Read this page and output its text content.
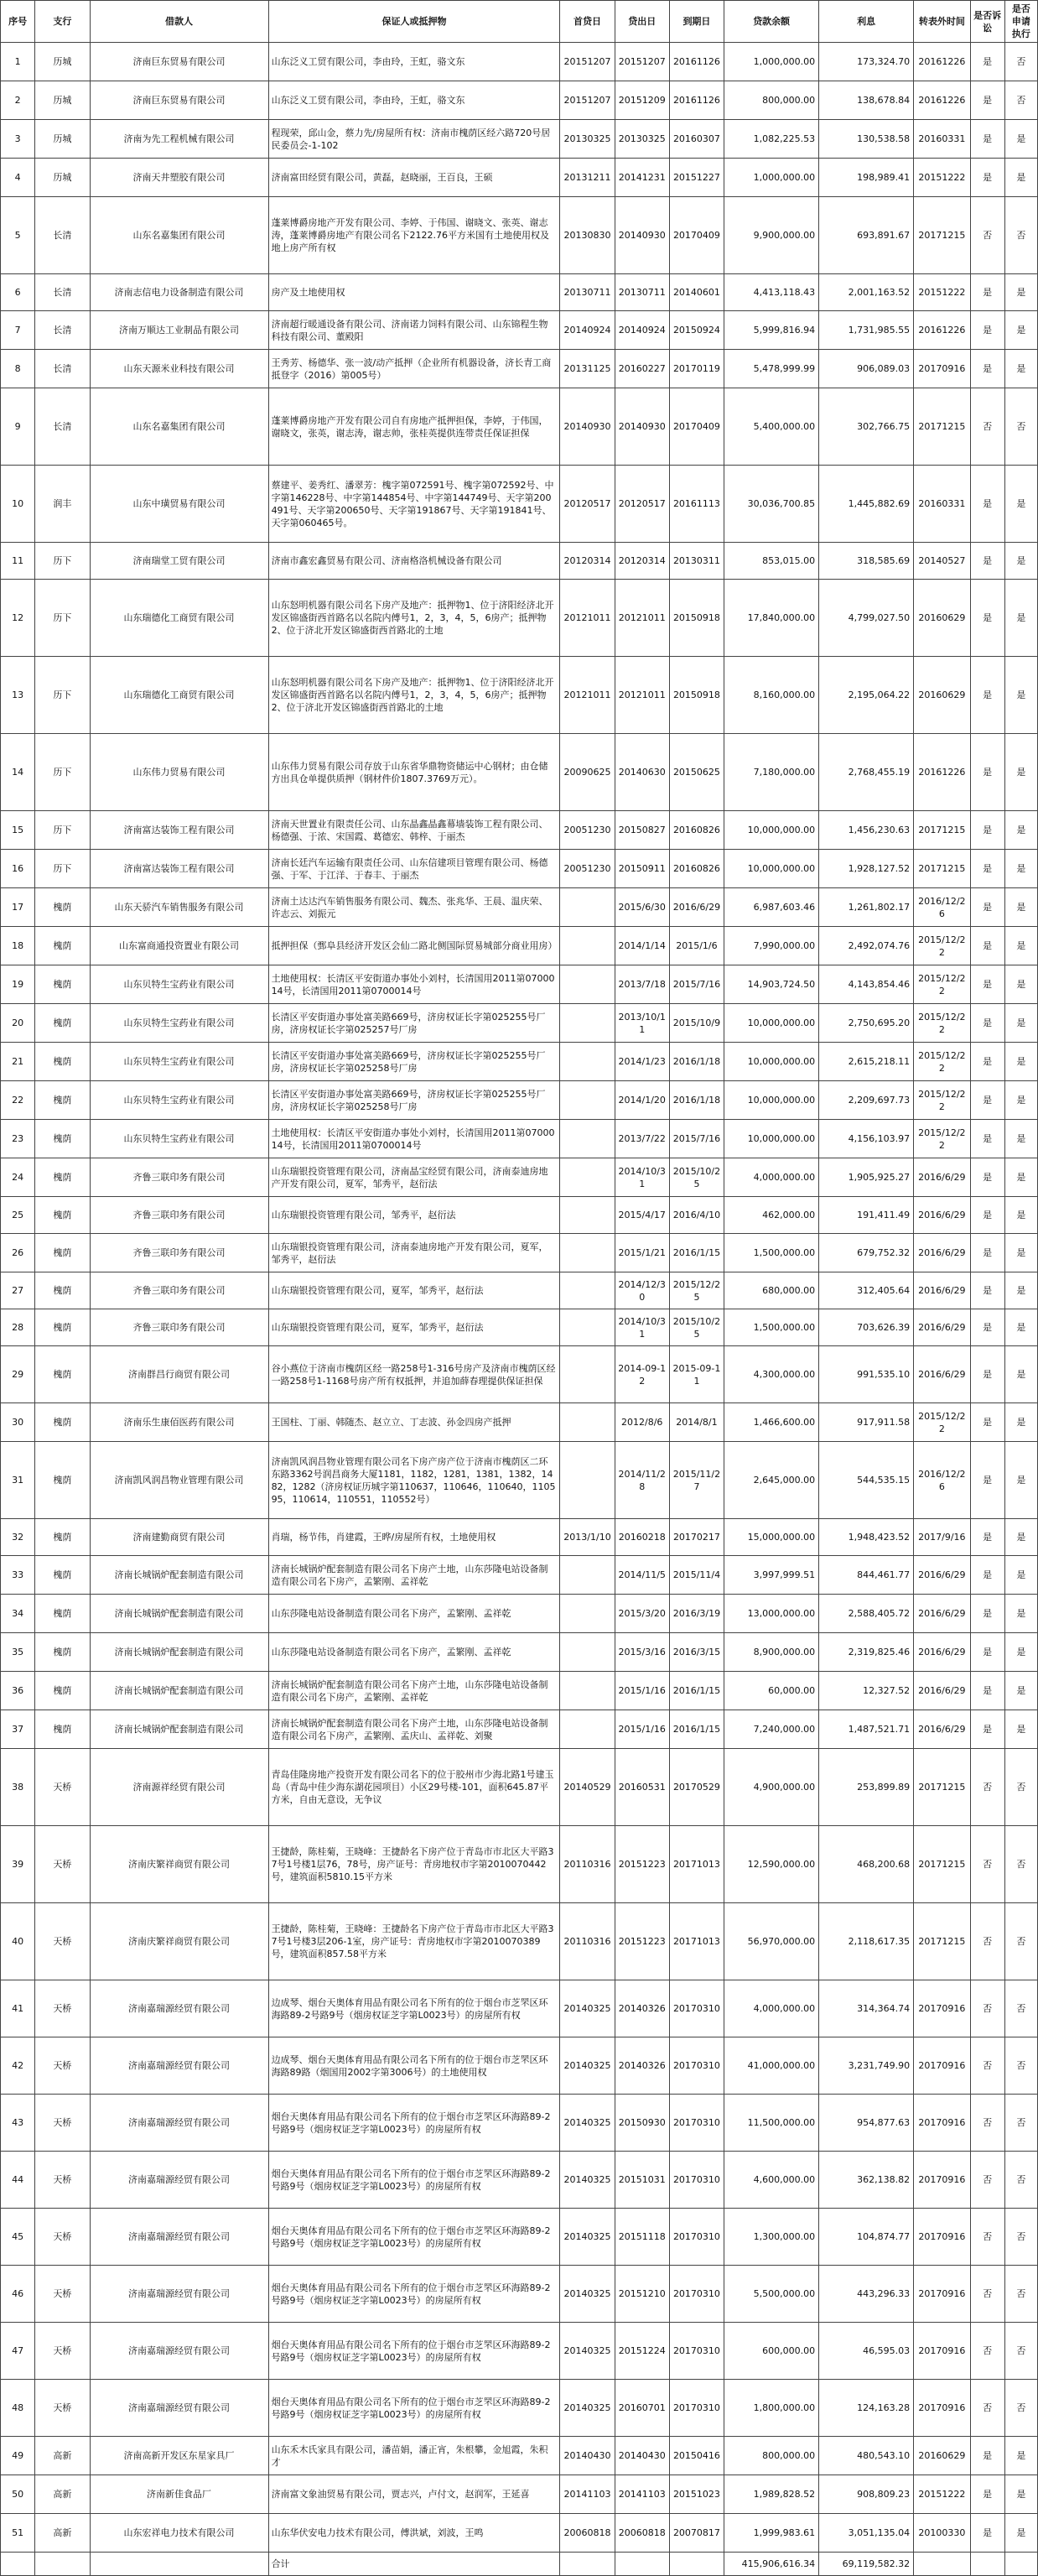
序号	支行	借款人	保证人或抵押物	首贷日	贷出日	到期日	贷款余额	利息	转表外时间	是否诉讼	是否申请执行
1	历城	济南巨东贸易有限公司	山东泛义工贸有限公司，李由玲，王虹，骆文东	20151207	20151207	20161126	1,000,000.00	173,324.70	20161226	是	否
2	历城	济南巨东贸易有限公司	山东泛义工贸有限公司，李由玲，王虹，骆文东	20151207	20151209	20161126	800,000.00	138,678.84	20161226	是	否
3	历城	济南为先工程机械有限公司	程现荣，邱山金，蔡力先/房屋所有权：济南市槐荫区经六路720号居民委员会-1-102	20130325	20130325	20160307	1,082,225.53	130,538.58	20160331	是	是
4	历城	济南天井塑胶有限公司	济南富田经贸有限公司，黄磊，赵晓丽，王百良，王硕	20131211	20141231	20151227	1,000,000.00	198,989.41	20151222	是	是
5	长清	山东名嘉集团有限公司	蓬莱博爵房地产开发有限公司、李婷、于伟国、谢晓文、张英、谢志涛，蓬莱博爵房地产有限公司名下2122.76平方米国有土地使用权及地上房产所有权	20130830	20140930	20170409	9,900,000.00	693,891.67	20171215	否	否
6	长清	济南志信电力设备制造有限公司	房产及土地使用权	20130711	20130711	20140601	4,413,118.43	2,001,163.52	20151222	是	是
7	长清	济南万顺达工业制品有限公司	济南超行暖通设备有限公司、济南诺力饲料有限公司、山东锦程生物科技有限公司、董殿阳	20140924	20140924	20150924	5,999,816.94	1,731,985.55	20161226	是	是
8	长清	山东天源米业科技有限公司	王秀芳、杨德华、张一波/动产抵押（企业所有机器设备，济长青工商抵登字（2016）第005号）	20131125	20160227	20170119	5,478,999.99	906,089.03	20170916	是	是
9	长清	山东名嘉集团有限公司	蓬莱博爵房地产开发有限公司自有房地产抵押担保，李婷，于伟国，谢晓文，张英，谢志涛，谢志帅，张桂英提供连带责任保证担保	20140930	20140930	20170409	5,400,000.00	302,766.75	20171215	否	否
10	润丰	山东中璜贸易有限公司	蔡建平、姜秀红、潘翠芳：槐字第072591号、槐字第072592号、中字第146228号、中字第144854号、中字第144749号、天字第200491号、天字第200650号、天字第191867号、天字第191841号、天字第060465号。	20120517	20120517	20161113	30,036,700.85	1,445,882.69	20160331	是	是
11	历下	济南瑞堂工贸有限公司	济南市鑫宏鑫贸易有限公司、济南格洛机械设备有限公司	20120314	20120314	20130311	853,015.00	318,585.69	20140527	是	是
12	历下	山东瑞德化工商贸有限公司	山东怒明机器有限公司名下房产及地产：抵押物1、位于济阳经济北开发区锦盛街西首路名以名院内傅号1，2，3，4，5，6房产；抵押物2、位于济北开发区锦盛街西首路北的土地	20121011	20121011	20150918	17,840,000.00	4,799,027.50	20160629	是	是
13	历下	山东瑞德化工商贸有限公司	山东怒明机器有限公司名下房产及地产：抵押物1、位于济阳经济北开发区锦盛街西首路名以名院内傅号1，2，3，4，5，6房产；抵押物2、位于济北开发区锦盛街西首路北的土地	20121011	20121011	20150918	8,160,000.00	2,195,064.22	20160629	是	是
14	历下	山东伟力贸易有限公司	山东伟力贸易有限公司存放于山东省华鼎物资储运中心钢材；由仓储方出具仓单提供质押（钢材件价1807.3769万元）。	20090625	20140630	20150625	7,180,000.00	2,768,455.19	20161226	是	是
15	历下	济南富达装饰工程有限公司	济南天世置业有限责任公司、山东晶鑫晶鑫幕墙装饰工程有限公司、杨德强、于浓、宋国霞、葛德宏、韩梓、于丽杰	20051230	20150827	20160826	10,000,000.00	1,456,230.63	20171215	是	是
16	历下	济南富达装饰工程有限公司	济南长廷汽车运输有限责任公司、山东信建项目管理有限公司、杨德强、于军、于江洋、于春丰、于丽杰	20051230	20150911	20160826	10,000,000.00	1,928,127.52	20171215	是	是
17	槐荫	山东天骄汽车销售服务有限公司	济南土达达汽车销售服务有限公司、魏杰、张兆华、王晨、温庆荣、许志云、刘振元		2015/6/30	2016/6/29	6,987,603.46	1,261,802.17	2016/12/26	是	是
18	槐荫	山东富商通投资置业有限公司	抵押担保（鄄阜县经济开发区会仙二路北侧国际贸易城部分商业用房）		2014/1/14	2015/1/6	7,990,000.00	2,492,074.76	2015/12/22	是	是
19	槐荫	山东贝特生宝药业有限公司	土地使用权：长清区平安街道办事处小刘村，长清国用2011第0700014号，长清国用2011第0700014号		2013/7/18	2015/7/16	14,903,724.50	4,143,854.46	2015/12/22	是	是
20	槐荫	山东贝特生宝药业有限公司	长清区平安街道办事处富美路669号，济房权证长字第025255号厂房，济房权证长字第025257号厂房		2013/10/11	2015/10/9	10,000,000.00	2,750,695.20	2015/12/22	是	是
21	槐荫	山东贝特生宝药业有限公司	长清区平安街道办事处富美路669号，济房权证长字第025255号厂房，济房权证长字第025258号厂房		2014/1/23	2016/1/18	10,000,000.00	2,615,218.11	2015/12/22	是	是
22	槐荫	山东贝特生宝药业有限公司	长清区平安街道办事处富美路669号，济房权证长字第025255号厂房，济房权证长字第025258号厂房		2014/1/20	2016/1/18	10,000,000.00	2,209,697.73	2015/12/22	是	是
23	槐荫	山东贝特生宝药业有限公司	土地使用权：长清区平安街道办事处小刘村，长清国用2011第0700014号，长清国用2011第0700014号		2013/7/22	2015/7/16	10,000,000.00	4,156,103.97	2015/12/22	是	是
24	槐荫	齐鲁三联印务有限公司	山东瑞银投资管理有限公司，济南晶宝经贸有限公司，济南泰迪房地产开发有限公司，夏军，邹秀平，赵衍法		2014/10/31	2015/10/25	4,000,000.00	1,905,925.27	2016/6/29	是	是
25	槐荫	齐鲁三联印务有限公司	山东瑞银投资管理有限公司，邹秀平，赵衍法		2015/4/17	2016/4/10	462,000.00	191,411.49	2016/6/29	是	是
26	槐荫	齐鲁三联印务有限公司	山东瑞银投资管理有限公司，济南泰迪房地产开发有限公司，夏军，邹秀平，赵衍法		2015/1/21	2016/1/15	1,500,000.00	679,752.32	2016/6/29	是	是
27	槐荫	齐鲁三联印务有限公司	山东瑞银投资管理有限公司，夏军，邹秀平，赵衍法		2014/12/30	2015/12/25	680,000.00	312,405.64	2016/6/29	是	是
28	槐荫	齐鲁三联印务有限公司	山东瑞银投资管理有限公司，夏军，邹秀平，赵衍法		2014/10/31	2015/10/25	1,500,000.00	703,626.39	2016/6/29	是	是
29	槐荫	济南群昌行商贸有限公司	谷小燕位于济南市槐荫区经一路258号1-316号房产及济南市槐荫区经一路258号1-1168号房产所有权抵押，并追加薛春理提供保证担保		2014-09-12	2015-09-11	4,300,000.00	991,535.10	2016/6/29	是	是
30	槐荫	济南乐生康佰医药有限公司	王国柱、丁丽、韩随杰、赵立立、丁志波、孙金四房产抵押		2012/8/6	2014/8/1	1,466,600.00	917,911.58	2015/12/22	是	是
31	槐荫	济南凯风润昌物业管理有限公司	济南凯风润昌物业管理有限公司名下房产房产位于济南市槐荫区二环东路3362号润昌商务大厦1181，1182，1281，1381，1382，1482，1282（济房权证历城字第110637，110646，110640，110595，110614，110551，110552号）		2014/11/28	2015/11/27	2,645,000.00	544,535.15	2016/12/26	是	是
32	槐荫	济南建勤商贸有限公司	肖瑞，杨节伟，肖建霞，王晔/房屋所有权，土地使用权	2013/1/10	20160218	20170217	15,000,000.00	1,948,423.52	2017/9/16	是	是
33	槐荫	济南长城锅炉配套制造有限公司	济南长城锅炉配套制造有限公司名下房产土地，山东莎隆电站设备制造有限公司名下房产，孟繁刚、孟祥乾		2014/11/5	2015/11/4	3,997,999.51	844,461.77	2016/6/29	是	是
34	槐荫	济南长城锅炉配套制造有限公司	山东莎隆电站设备制造有限公司名下房产，孟繁刚、孟祥乾		2015/3/20	2016/3/19	13,000,000.00	2,588,405.72	2016/6/29	是	是
35	槐荫	济南长城锅炉配套制造有限公司	山东莎隆电站设备制造有限公司名下房产，孟繁刚、孟祥乾		2015/3/16	2016/3/15	8,900,000.00	2,319,825.46	2016/6/29	是	是
36	槐荫	济南长城锅炉配套制造有限公司	济南长城锅炉配套制造有限公司名下房产土地，山东莎隆电站设备制造有限公司名下房产，孟繁刚、孟祥乾		2015/1/16	2016/1/15	60,000.00	12,327.52	2016/6/29	是	是
37	槐荫	济南长城锅炉配套制造有限公司	济南长城锅炉配套制造有限公司名下房产土地，山东莎隆电站设备制造有限公司名下房产，孟繁刚、孟庆山、孟祥乾、刘聚		2015/1/16	2016/1/15	7,240,000.00	1,487,521.71	2016/6/29	是	是
38	天桥	济南源祥经贸有限公司	青岛佳隆房地产投资开发有限公司名下的位于胶州市少海北路1号建玉岛（青岛中佳少海东湖花园项目）小区29号楼-101，面积645.87平方米，自由无意设，无争议	20140529	20160531	20170529	4,900,000.00	253,899.89	20171215	否	否
39	天桥	济南庆繁祥商贸有限公司	王捷龄，陈桂菊，王晓峰：王捷龄名下房产位于青岛市市北区大平路37号1号楼1层76，78号，房产证号：青房地权市字第2010070442号，建筑面积5810.15平方米	20110316	20151223	20171013	12,590,000.00	468,200.68	20171215	否	否
40	天桥	济南庆繁祥商贸有限公司	王捷龄，陈桂菊，王晓峰：王捷龄名下房产位于青岛市市北区大平路37号1号楼3层206-1室，房产证号：青房地权市字第2010070389号，建筑面积857.58平方米	20110316	20151223	20171013	56,970,000.00	2,118,617.35	20171215	否	否
41	天桥	济南嘉瑞源经贸有限公司	边成琴、烟台天奥体育用品有限公司名下所有的位于烟台市芝罘区环海路89-2号路9号（烟房权证芝字第L0023号）的房屋所有权	20140325	20140326	20170310	4,000,000.00	314,364.74	20170916	否	否
42	天桥	济南嘉瑞源经贸有限公司	边成琴、烟台天奥体育用品有限公司名下所有的位于烟台市芝罘区环海路89路（烟国用2002字第3006号）的土地使用权	20140325	20140326	20170310	41,000,000.00	3,231,749.90	20170916	否	否
43	天桥	济南嘉瑞源经贸有限公司	烟台天奥体育用品有限公司名下所有的位于烟台市芝罘区环海路89-2号路9号（烟房权证芝字第L0023号）的房屋所有权	20140325	20150930	20170310	11,500,000.00	954,877.63	20170916	否	否
44	天桥	济南嘉瑞源经贸有限公司	烟台天奥体育用品有限公司名下所有的位于烟台市芝罘区环海路89-2号路9号（烟房权证芝字第L0023号）的房屋所有权	20140325	20151031	20170310	4,600,000.00	362,138.82	20170916	否	否
45	天桥	济南嘉瑞源经贸有限公司	烟台天奥体育用品有限公司名下所有的位于烟台市芝罘区环海路89-2号路9号（烟房权证芝字第L0023号）的房屋所有权	20140325	20151118	20170310	1,300,000.00	104,874.77	20170916	否	否
46	天桥	济南嘉瑞源经贸有限公司	烟台天奥体育用品有限公司名下所有的位于烟台市芝罘区环海路89-2号路9号（烟房权证芝字第L0023号）的房屋所有权	20140325	20151210	20170310	5,500,000.00	443,296.33	20170916	否	否
47	天桥	济南嘉瑞源经贸有限公司	烟台天奥体育用品有限公司名下所有的位于烟台市芝罘区环海路89-2号路9号（烟房权证芝字第L0023号）的房屋所有权	20140325	20151224	20170310	600,000.00	46,595.03	20170916	否	否
48	天桥	济南嘉瑞源经贸有限公司	烟台天奥体育用品有限公司名下所有的位于烟台市芝罘区环海路89-2号路9号（烟房权证芝字第L0023号）的房屋所有权	20140325	20160701	20170310	1,800,000.00	124,163.28	20170916	否	否
49	高新	济南高新开发区东星家具厂	山东禾木氏家具有限公司，潘苗娟，潘正宵，朱根攀，金旭霞，朱积才	20140430	20140430	20150416	800,000.00	480,543.10	20160629	是	是
50	高新	济南新佳食品厂	济南富文象油贸易有限公司，贾志兴，卢付文，赵润军，王延喜	20141103	20141103	20151023	1,989,828.52	908,809.23	20151222	是	是
51	高新	山东宏祥电力技术有限公司	山东华伏安电力技术有限公司，傅洪斌，刘波，王鸣	20060818	20060818	20070817	1,999,983.61	3,051,135.04	20100330	是	是
			合计				415,906,616.34	69,119,582.32			
